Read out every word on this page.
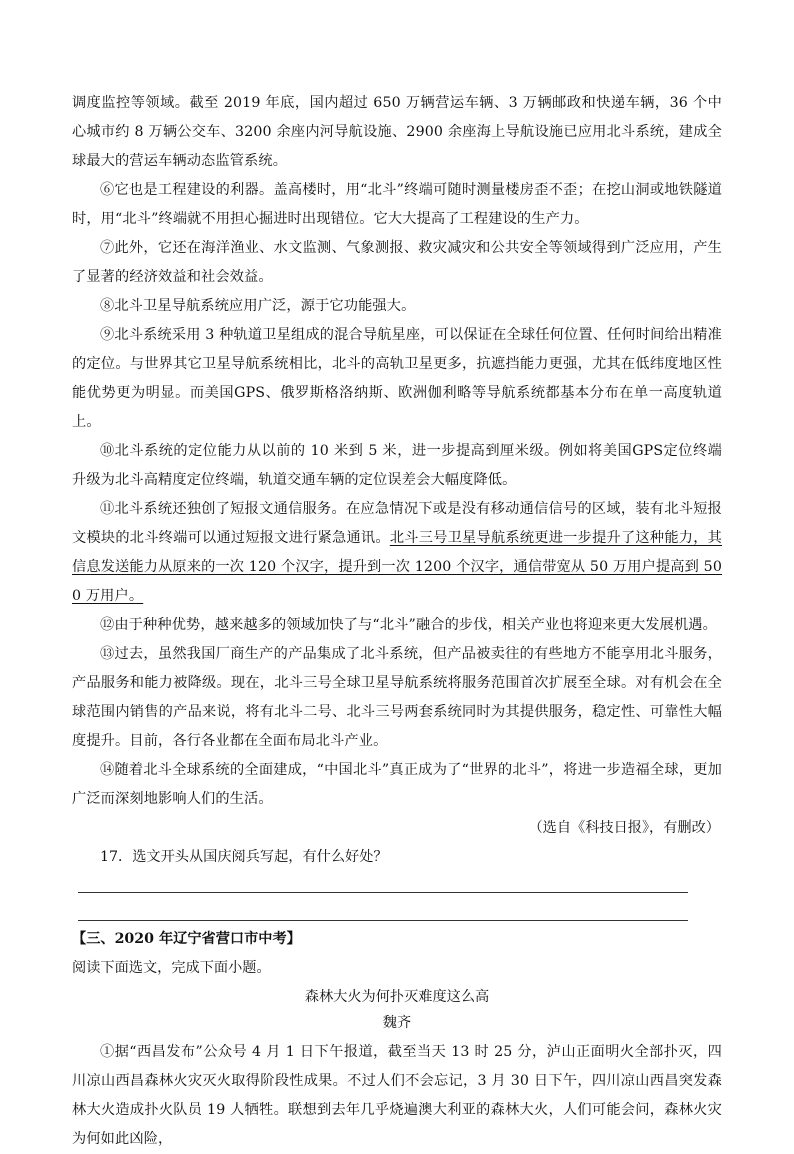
调度监控等领域。截至 2019 年底，国内超过 650 万辆营运车辆、3 万辆邮政和快递车辆，36 个中心城市约 8 万辆公交车、3200 余座内河导航设施、2900 余座海上导航设施已应用北斗系统，建成全球最大的营运车辆动态监管系统。

⑥它也是工程建设的利器。盖高楼时，用“北斗”终端可随时测量楼房歪不歪；在挖山洞或地铁隧道时，用“北斗”终端就不用担心掘进时出现错位。它大大提高了工程建设的生产力。

⑦此外，它还在海洋渔业、水文监测、气象测报、救灾减灾和公共安全等领域得到广泛应用，产生了显著的经济效益和社会效益。

⑧北斗卫星导航系统应用广泛，源于它功能强大。

⑨北斗系统采用 3 种轨道卫星组成的混合导航星座，可以保证在全球任何位置、任何时间给出精准的定位。与世界其它卫星导航系统相比，北斗的高轨卫星更多，抗遮挡能力更强，尤其在低纬度地区性能优势更为明显。而美国GPS、俄罗斯格洛纳斯、欧洲伽利略等导航系统都基本分布在单一高度轨道上。

⑩北斗系统的定位能力从以前的 10 米到 5 米，进一步提高到厘米级。例如将美国GPS定位终端升级为北斗高精度定位终端，轨道交通车辆的定位误差会大幅度降低。

⑪北斗系统还独创了短报文通信服务。在应急情况下或是没有移动通信信号的区域，装有北斗短报文模块的北斗终端可以通过短报文进行紧急通讯。北斗三号卫星导航系统更进一步提升了这种能力，其信息发送能力从原来的一次 120 个汉字，提升到一次 1200 个汉字，通信带宽从 50 万用户提高到 500 万用户。

⑫由于种种优势，越来越多的领域加快了与“北斗”融合的步伐，相关产业也将迎来更大发展机遇。

⑬过去，虽然我国厂商生产的产品集成了北斗系统，但产品被卖往的有些地方不能享用北斗服务，产品服务和能力被降级。现在，北斗三号全球卫星导航系统将服务范围首次扩展至全球。对有机会在全球范围内销售的产品来说，将有北斗二号、北斗三号两套系统同时为其提供服务，稳定性、可靠性大幅度提升。目前，各行各业都在全面布局北斗产业。

⑭随着北斗全球系统的全面建成，“中国北斗”真正成为了“世界的北斗”，将进一步造福全球，更加广泛而深刻地影响人们的生活。

（选自《科技日报》，有删改）

17．选文开头从国庆阅兵写起，有什么好处？

【三、2020 年辽宁省营口市中考】

阅读下面选文，完成下面小题。

森林大火为何扑灭难度这么高

魏齐

①据“西昌发布”公众号 4 月 1 日下午报道，截至当天 13 时 25 分，泸山正面明火全部扑灭，四川凉山西昌森林火灾灭火取得阶段性成果。不过人们不会忘记，3 月 30 日下午，四川凉山西昌突发森林大火造成扑火队员 19 人牺牲。联想到去年几乎烧遍澳大利亚的森林大火，人们可能会问，森林火灾为何如此凶险，
